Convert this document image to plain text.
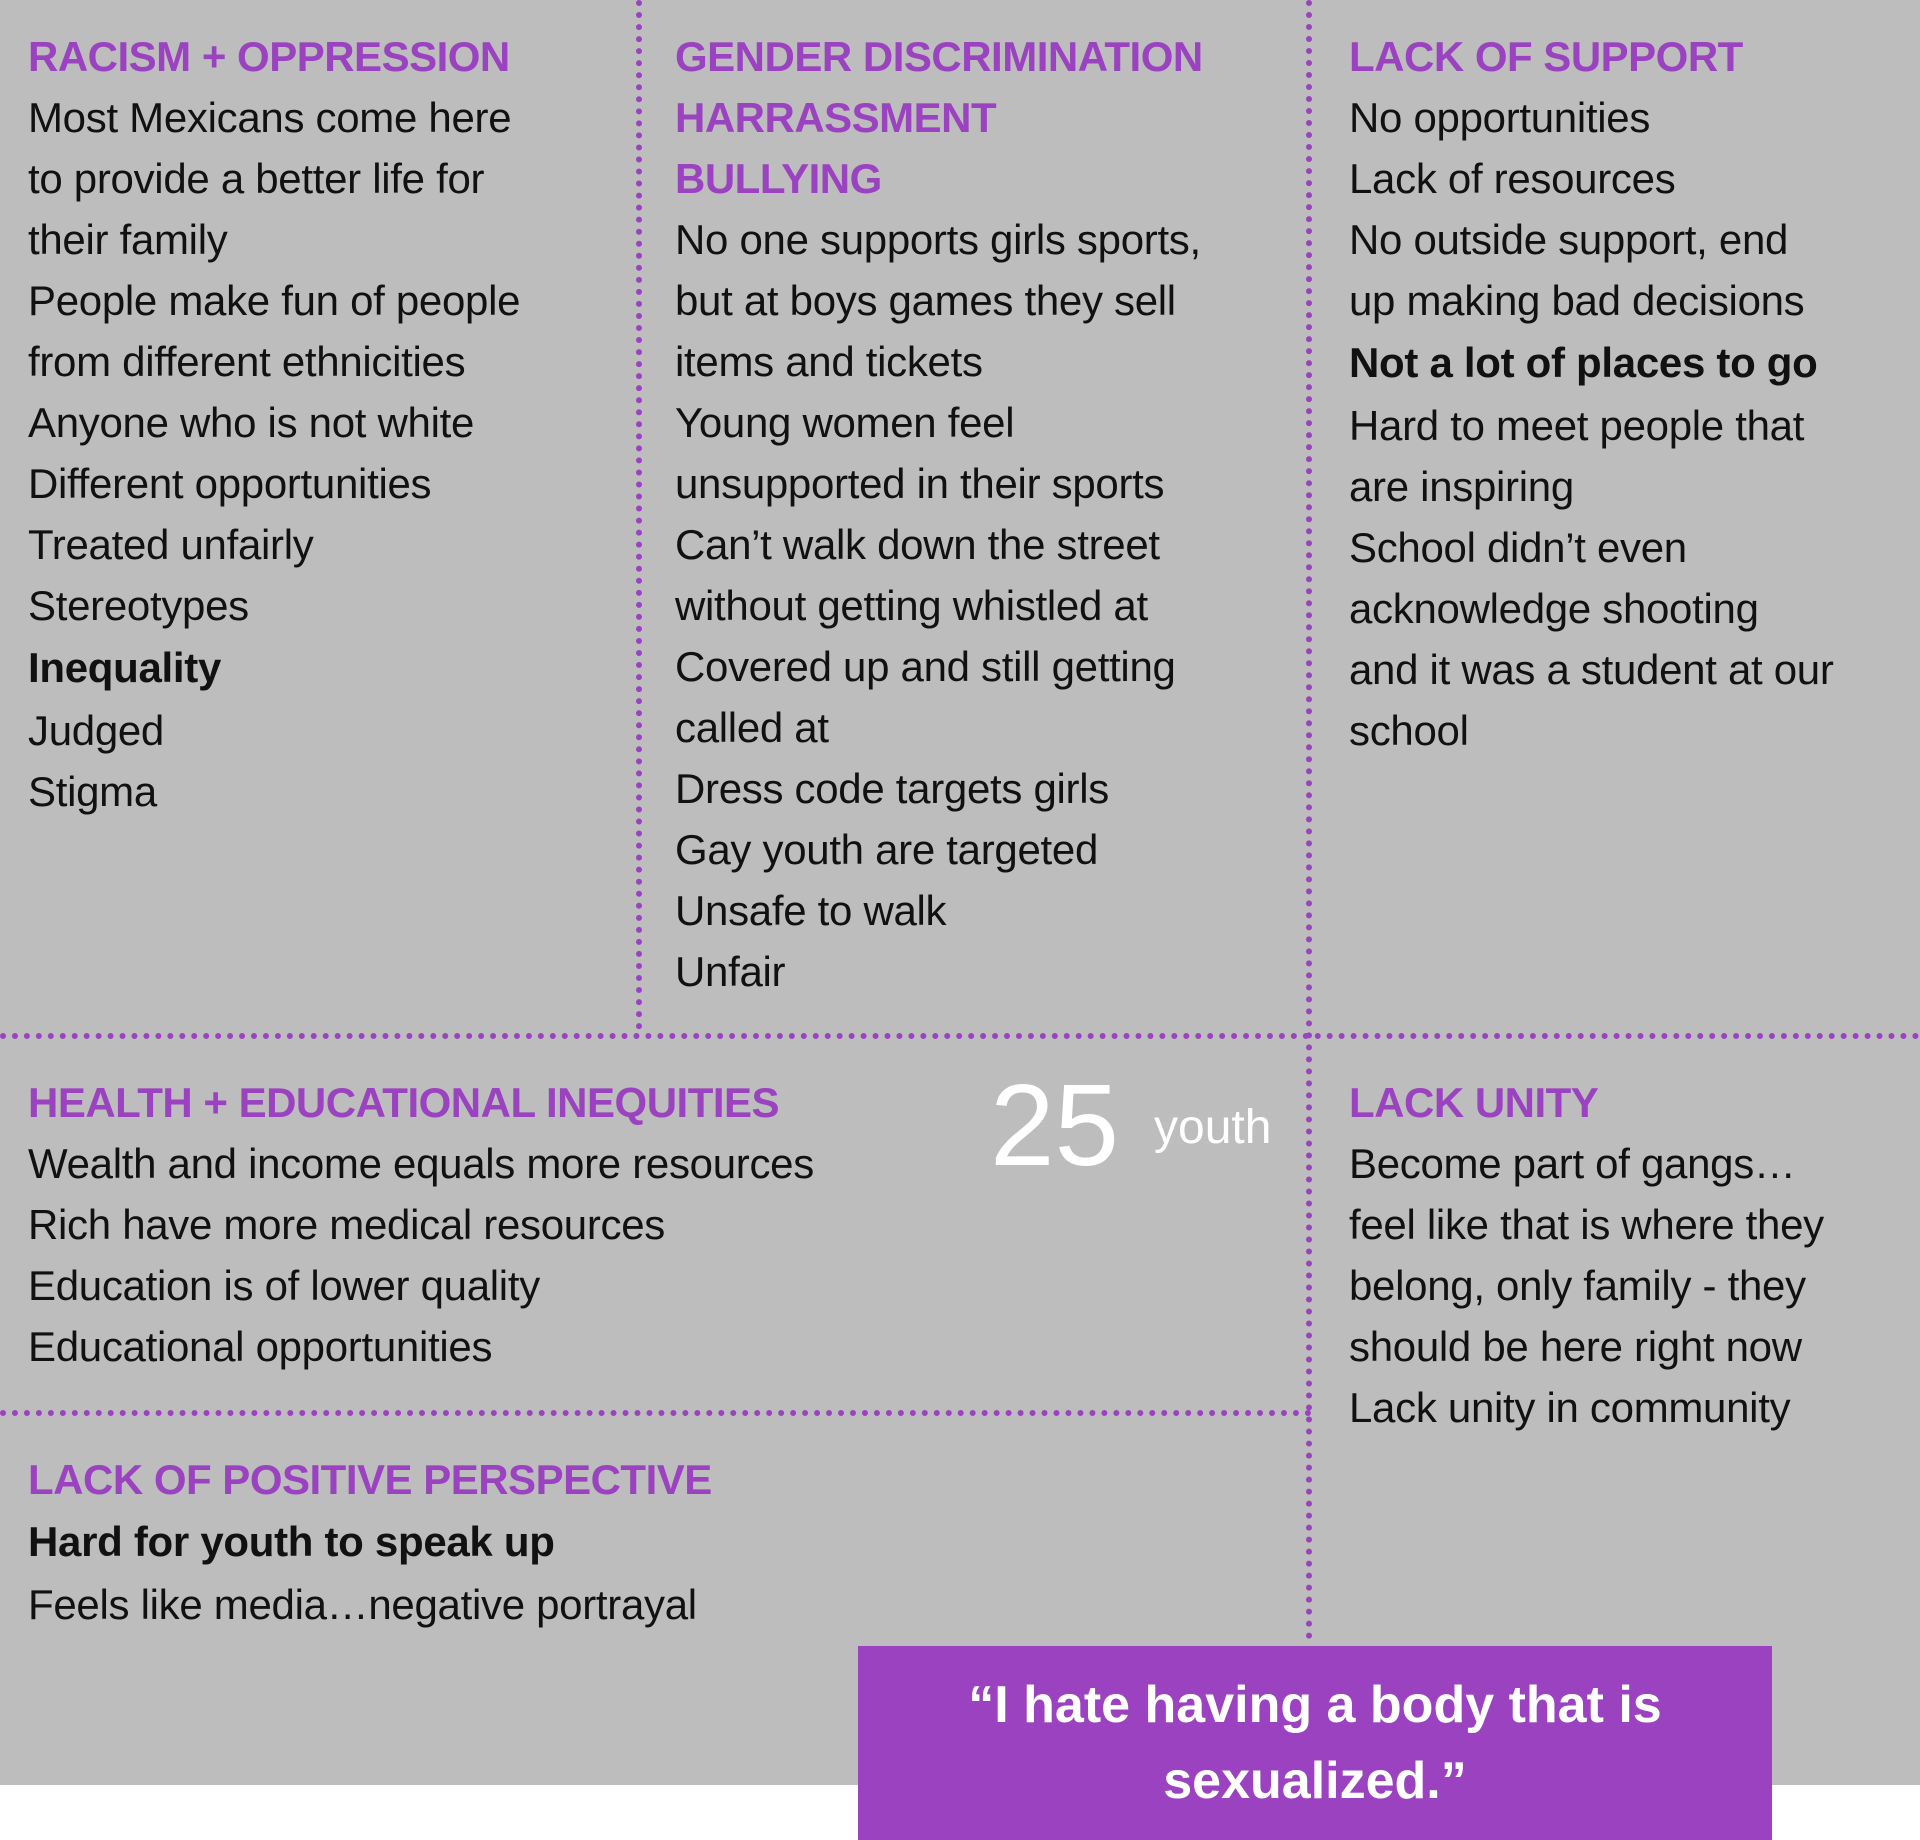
RACISM + OPPRESSION
Most Mexicans come here
to provide a better life for
their family
People make fun of people
from different ethnicities
Anyone who is not white
Different opportunities
Treated unfairly
Stereotypes
Inequality
Judged
Stigma
GENDER DISCRIMINATION
HARRASSMENT
BULLYING
No one supports girls sports,
but at boys games they sell
items and tickets
Young women feel
unsupported in their sports
Can’t walk down the street
without getting whistled at
Covered up and still getting
called at
Dress code targets girls
Gay youth are targeted
Unsafe to walk
Unfair
LACK OF SUPPORT
No opportunities
Lack of resources
No outside support, end
up making bad decisions
Not a lot of places to go
Hard to meet people that
are inspiring
School didn’t even
acknowledge shooting
and it was a student at our
school
HEALTH + EDUCATIONAL INEQUITIES
Wealth and income equals more resources
Rich have more medical resources
Education is of lower quality
Educational opportunities
25 youth LACK UNITY
Become part of gangs…
feel like that is where they
belong, only family - they
should be here right now
Lack unity in community
LACK OF POSITIVE PERSPECTIVE
Hard for youth to speak up
Feels like media…negative portrayal
“I hate having a body that is sexualized.”
